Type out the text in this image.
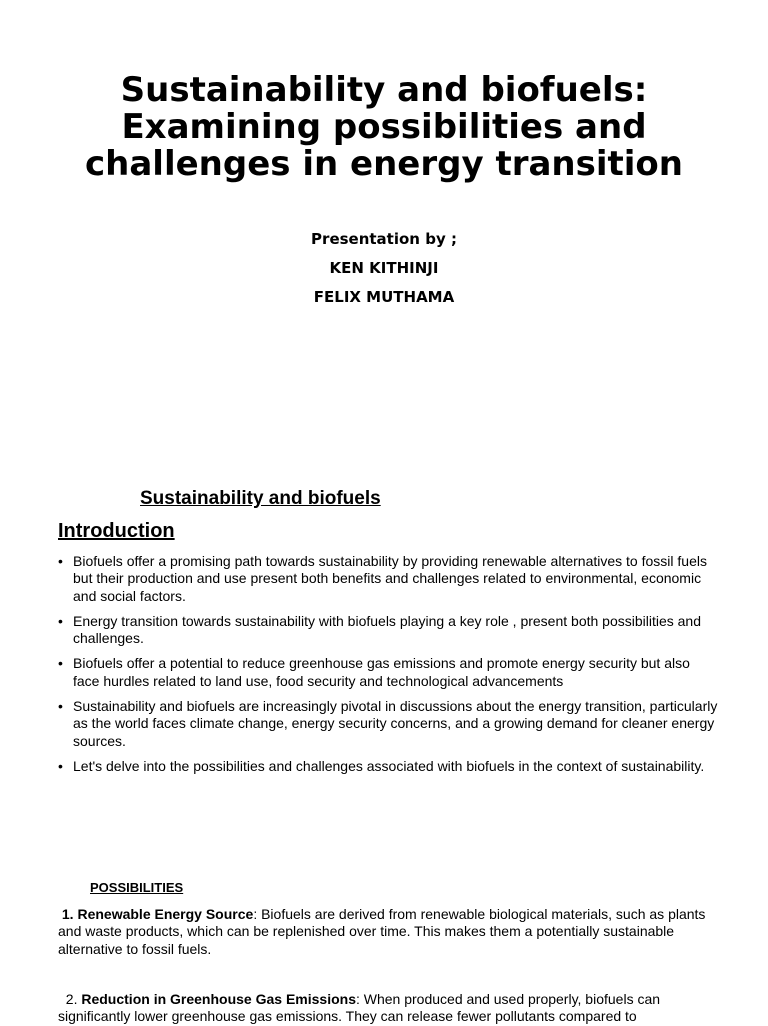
Sustainability and biofuels: Examining possibilities and challenges in energy transition
Presentation by ;
KEN KITHINJI
FELIX MUTHAMA
Sustainability and biofuels
Introduction
• Biofuels offer a promising path towards sustainability by providing renewable alternatives to fossil fuels but their production and use present both benefits and challenges related to environmental, economic and social factors.
• Energy transition towards sustainability with biofuels playing a key role , present both possibilities and challenges.
• Biofuels offer a potential to reduce greenhouse gas emissions and promote energy security but also face hurdles related to land use, food security and technological advancements
• Sustainability and biofuels are increasingly pivotal in discussions about the energy transition, particularly as the world faces climate change, energy security concerns, and a growing demand for cleaner energy sources.
• Let's delve into the possibilities and challenges associated with biofuels in the context of sustainability.
POSSIBILITIES

1. Renewable Energy Source: Biofuels are derived from renewable biological materials, such as plants and waste products, which can be replenished over time. This makes them a potentially sustainable alternative to fossil fuels.

2. Reduction in Greenhouse Gas Emissions: When produced and used properly, biofuels can significantly lower greenhouse gas emissions. They can release fewer pollutants compared to
